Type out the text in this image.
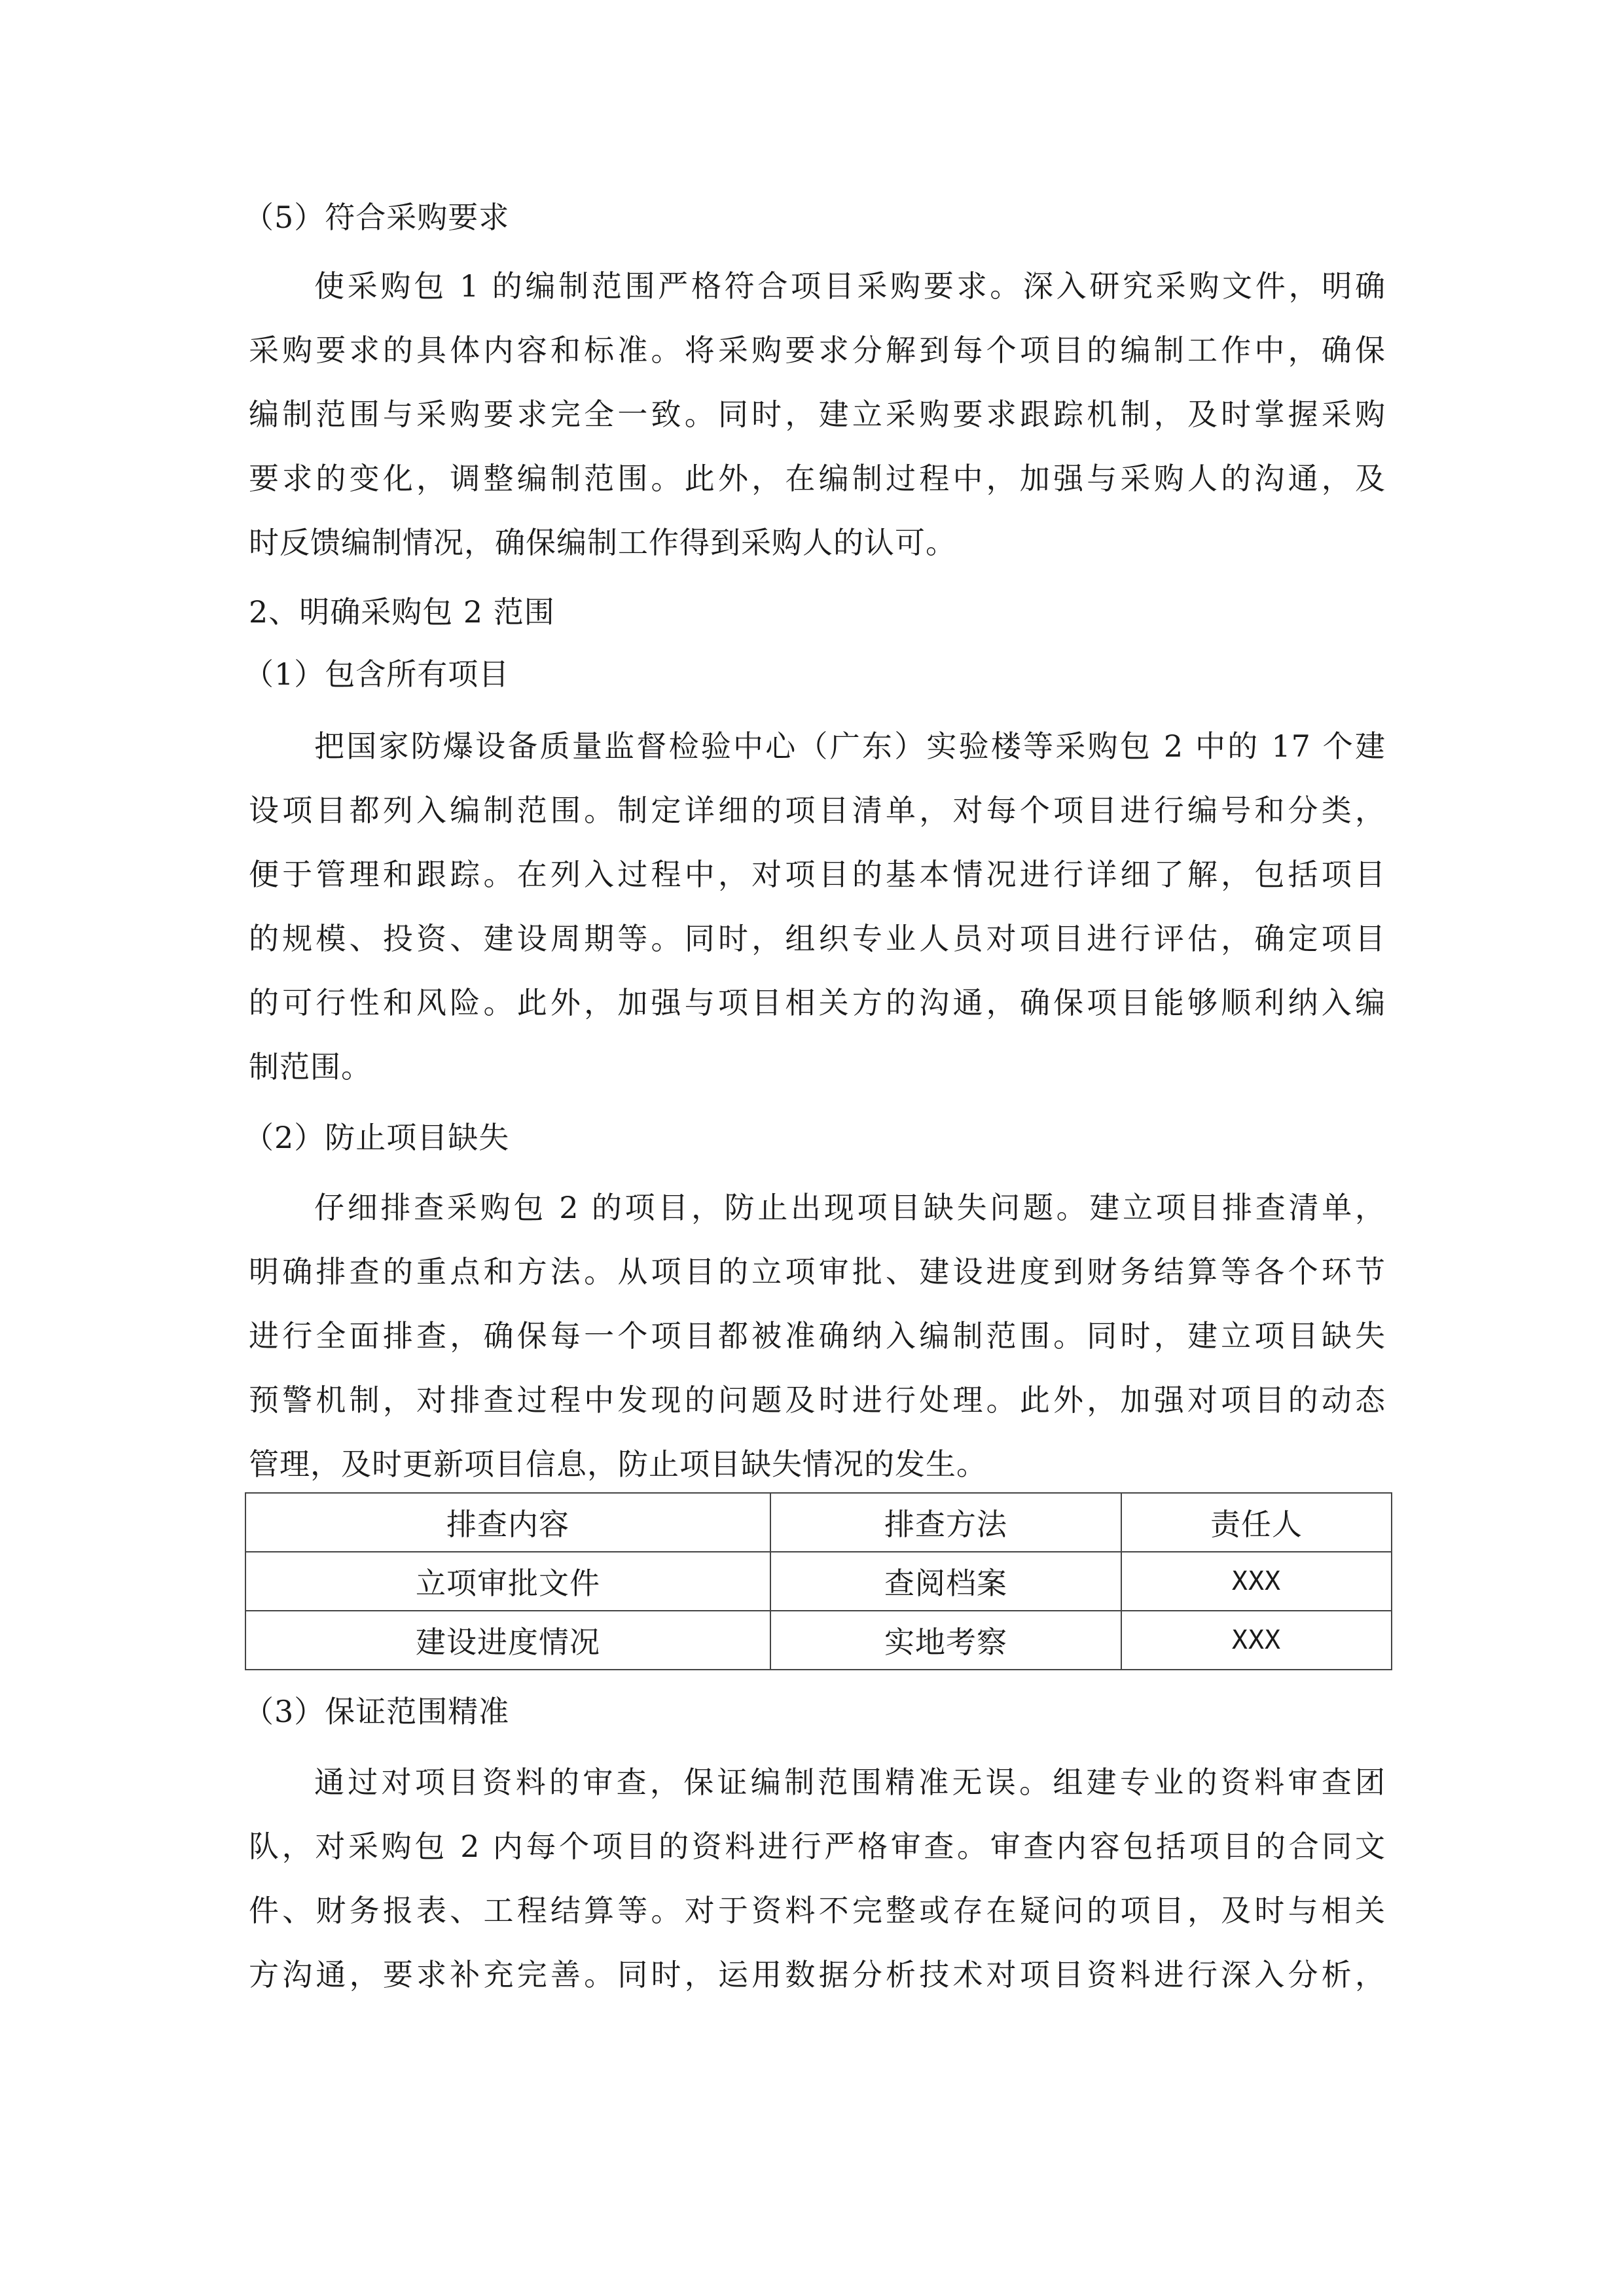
（5）符合采购要求
使采购包 1 的编制范围严格符合项目采购要求。深入研究采购文件，明确
采购要求的具体内容和标准。将采购要求分解到每个项目的编制工作中，确保
编制范围与采购要求完全一致。同时，建立采购要求跟踪机制，及时掌握采购
要求的变化，调整编制范围。此外，在编制过程中，加强与采购人的沟通，及
时反馈编制情况，确保编制工作得到采购人的认可。
2、明确采购包 2 范围
（1）包含所有项目
把国家防爆设备质量监督检验中心（广东）实验楼等采购包 2 中的 17 个建
设项目都列入编制范围。制定详细的项目清单，对每个项目进行编号和分类，
便于管理和跟踪。在列入过程中，对项目的基本情况进行详细了解，包括项目
的规模、投资、建设周期等。同时，组织专业人员对项目进行评估，确定项目
的可行性和风险。此外，加强与项目相关方的沟通，确保项目能够顺利纳入编
制范围。
（2）防止项目缺失
仔细排查采购包 2 的项目，防止出现项目缺失问题。建立项目排查清单，
明确排查的重点和方法。从项目的立项审批、建设进度到财务结算等各个环节
进行全面排查，确保每一个项目都被准确纳入编制范围。同时，建立项目缺失
预警机制，对排查过程中发现的问题及时进行处理。此外，加强对项目的动态
管理，及时更新项目信息，防止项目缺失情况的发生。
排查内容	排查方法	责任人
立项审批文件	查阅档案	XXX
建设进度情况	实地考察	XXX
（3）保证范围精准
通过对项目资料的审查，保证编制范围精准无误。组建专业的资料审查团
队，对采购包 2 内每个项目的资料进行严格审查。审查内容包括项目的合同文
件、财务报表、工程结算等。对于资料不完整或存在疑问的项目，及时与相关
方沟通，要求补充完善。同时，运用数据分析技术对项目资料进行深入分析，
